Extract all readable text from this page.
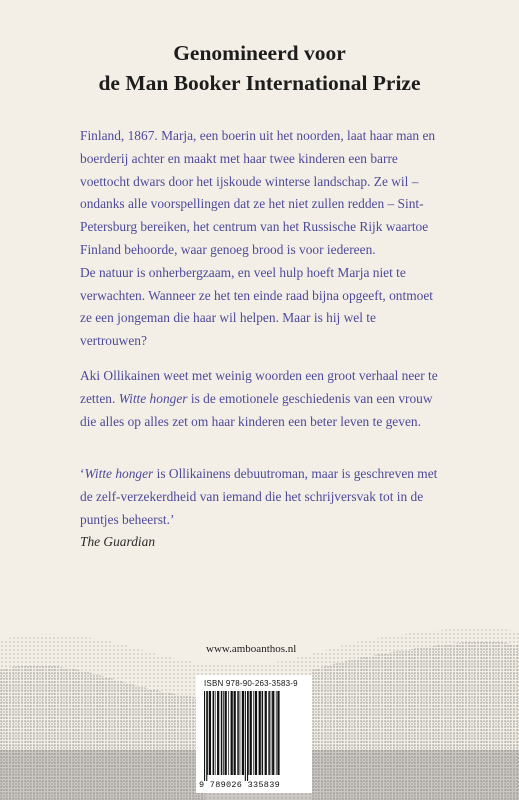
Genomineerd voor
de Man Booker International Prize

Finland, 1867. Marja, een boerin uit het noorden, laat haar man en boerderij achter en maakt met haar twee kinderen een barre voettocht dwars door het ijskoude winterse landschap. Ze wil – ondanks alle voorspellingen dat ze het niet zullen redden – Sint-Petersburg bereiken, het centrum van het Russische Rijk waartoe Finland behoorde, waar genoeg brood is voor iedereen.

De natuur is onherbergzaam, en veel hulp hoeft Marja niet te verwachten. Wanneer ze het ten einde raad bijna opgeeft, ontmoet ze een jongeman die haar wil helpen. Maar is hij wel te vertrouwen?

Aki Ollikainen weet met weinig woorden een groot verhaal neer te zetten. Witte honger is de emotionele geschiedenis van een vrouw die alles op alles zet om haar kinderen een beter leven te geven.

‘Witte honger is Ollikainens debuutroman, maar is geschreven met de zelf-verzekerdheid van iemand die het schrijversvak tot in de puntjes beheerst.’

The Guardian

www.amboanthos.nl
ISBN 978-90-263-3583-9
9 789026 335839
